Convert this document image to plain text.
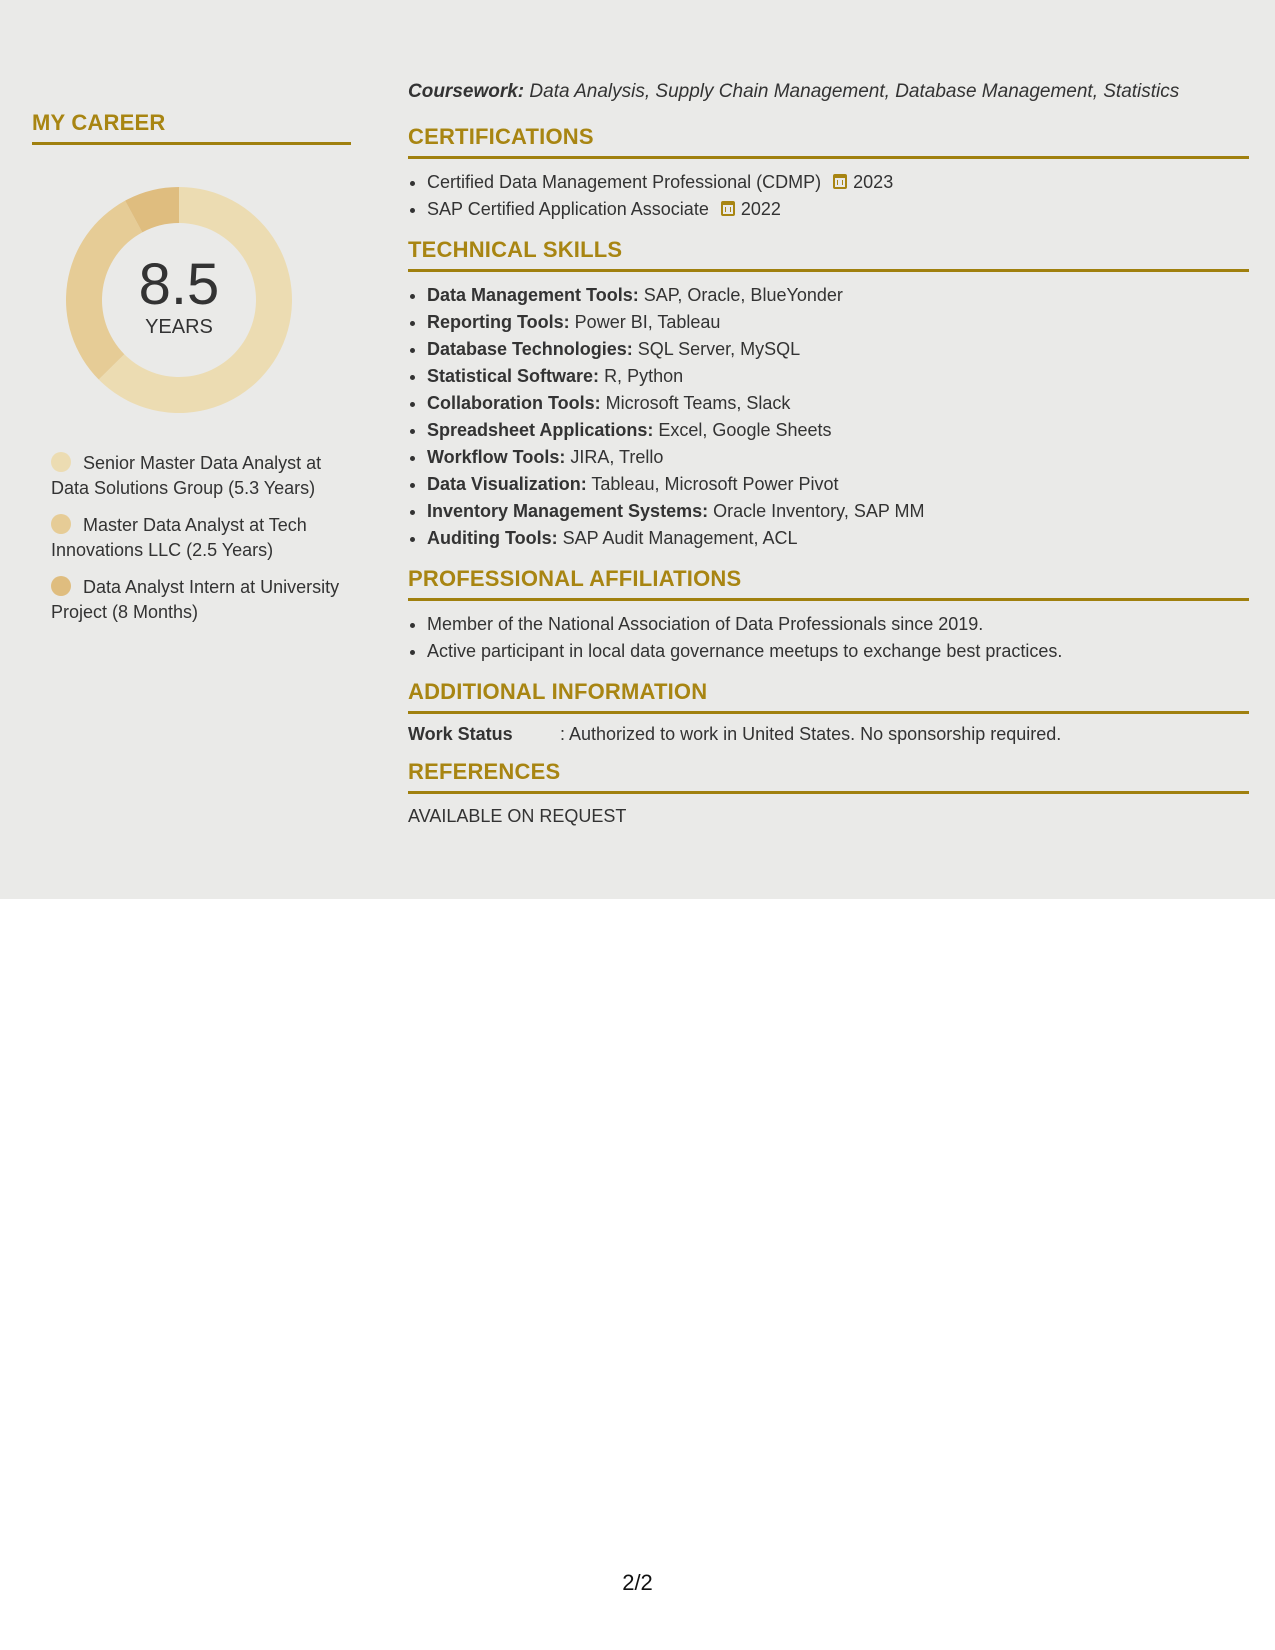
MY CAREER
8.5
YEARS
Senior Master Data Analyst at Data Solutions Group (5.3 Years)
Master Data Analyst at Tech Innovations LLC (2.5 Years)
Data Analyst Intern at University Project (8 Months)

Coursework: Data Analysis, Supply Chain Management, Database Management, Statistics

CERTIFICATIONS
• Certified Data Management Professional (CDMP) 2023
• SAP Certified Application Associate 2022
TECHNICAL SKILLS
• Data Management Tools: SAP, Oracle, BlueYonder
• Reporting Tools: Power BI, Tableau
• Database Technologies: SQL Server, MySQL
• Statistical Software: R, Python
• Collaboration Tools: Microsoft Teams, Slack
• Spreadsheet Applications: Excel, Google Sheets
• Workflow Tools: JIRA, Trello
• Data Visualization: Tableau, Microsoft Power Pivot
• Inventory Management Systems: Oracle Inventory, SAP MM
• Auditing Tools: SAP Audit Management, ACL
PROFESSIONAL AFFILIATIONS
• Member of the National Association of Data Professionals since 2019.
• Active participant in local data governance meetups to exchange best practices.
ADDITIONAL INFORMATION
Work Status	: Authorized to work in United States. No sponsorship required.
REFERENCES
AVAILABLE ON REQUEST
2/2
